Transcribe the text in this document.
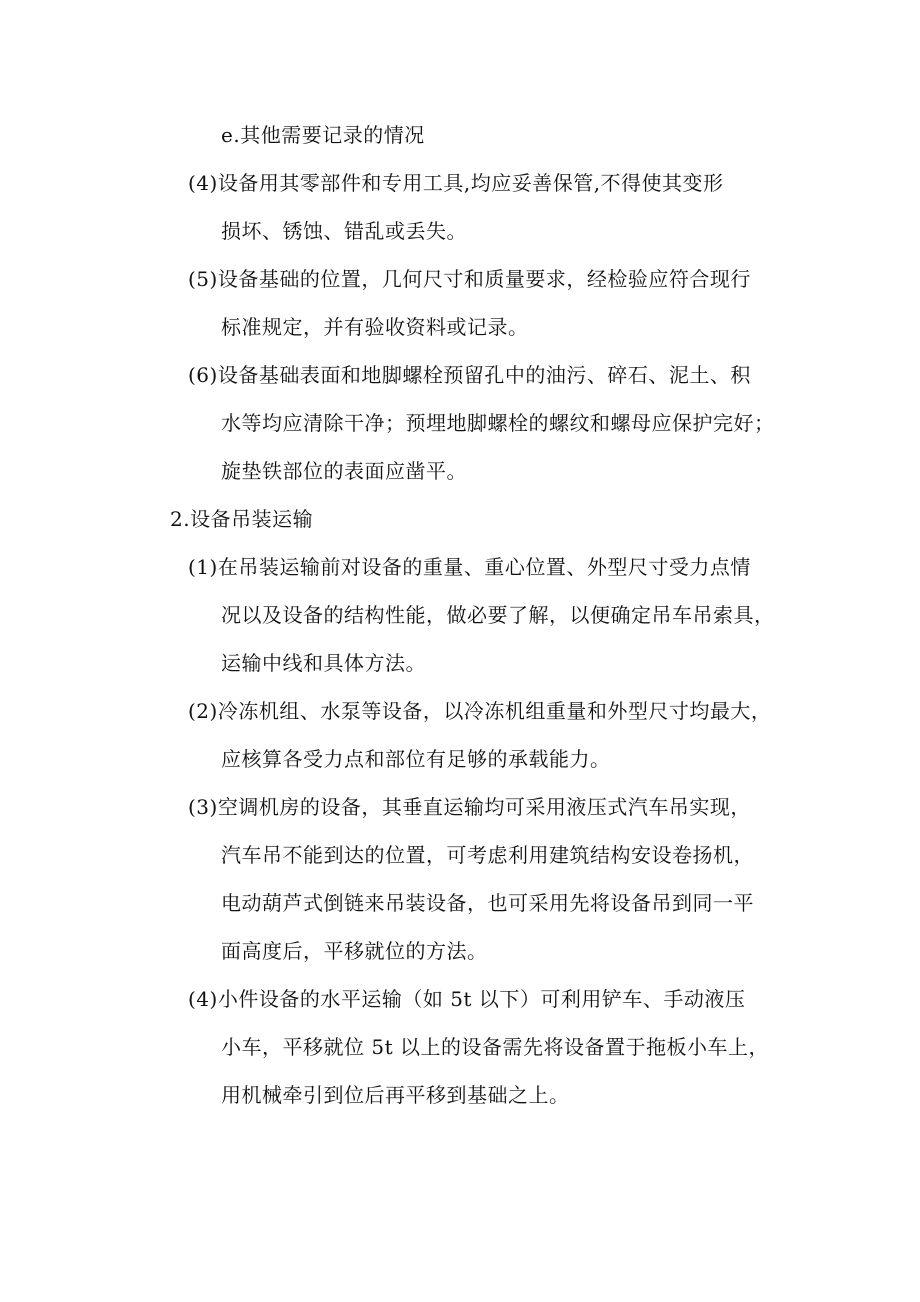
e.其他需要记录的情况
(4)设备用其零部件和专用工具,均应妥善保管,不得使其变形
损坏、锈蚀、错乱或丢失。
(5)设备基础的位置，几何尺寸和质量要求，经检验应符合现行
标准规定，并有验收资料或记录。
(6)设备基础表面和地脚螺栓预留孔中的油污、碎石、泥土、积
水等均应清除干净；预埋地脚螺栓的螺纹和螺母应保护完好；
旋垫铁部位的表面应凿平。
2.设备吊装运输
(1)在吊装运输前对设备的重量、重心位置、外型尺寸受力点情
况以及设备的结构性能，做必要了解，以便确定吊车吊索具，
运输中线和具体方法。
(2)冷冻机组、水泵等设备，以冷冻机组重量和外型尺寸均最大，
应核算各受力点和部位有足够的承载能力。
(3)空调机房的设备，其垂直运输均可采用液压式汽车吊实现，
汽车吊不能到达的位置，可考虑利用建筑结构安设卷扬机，
电动葫芦式倒链来吊装设备，也可采用先将设备吊到同一平
面高度后，平移就位的方法。
(4)小件设备的水平运输（如 5t 以下）可利用铲车、手动液压
小车，平移就位 5t 以上的设备需先将设备置于拖板小车上，
用机械牵引到位后再平移到基础之上。
